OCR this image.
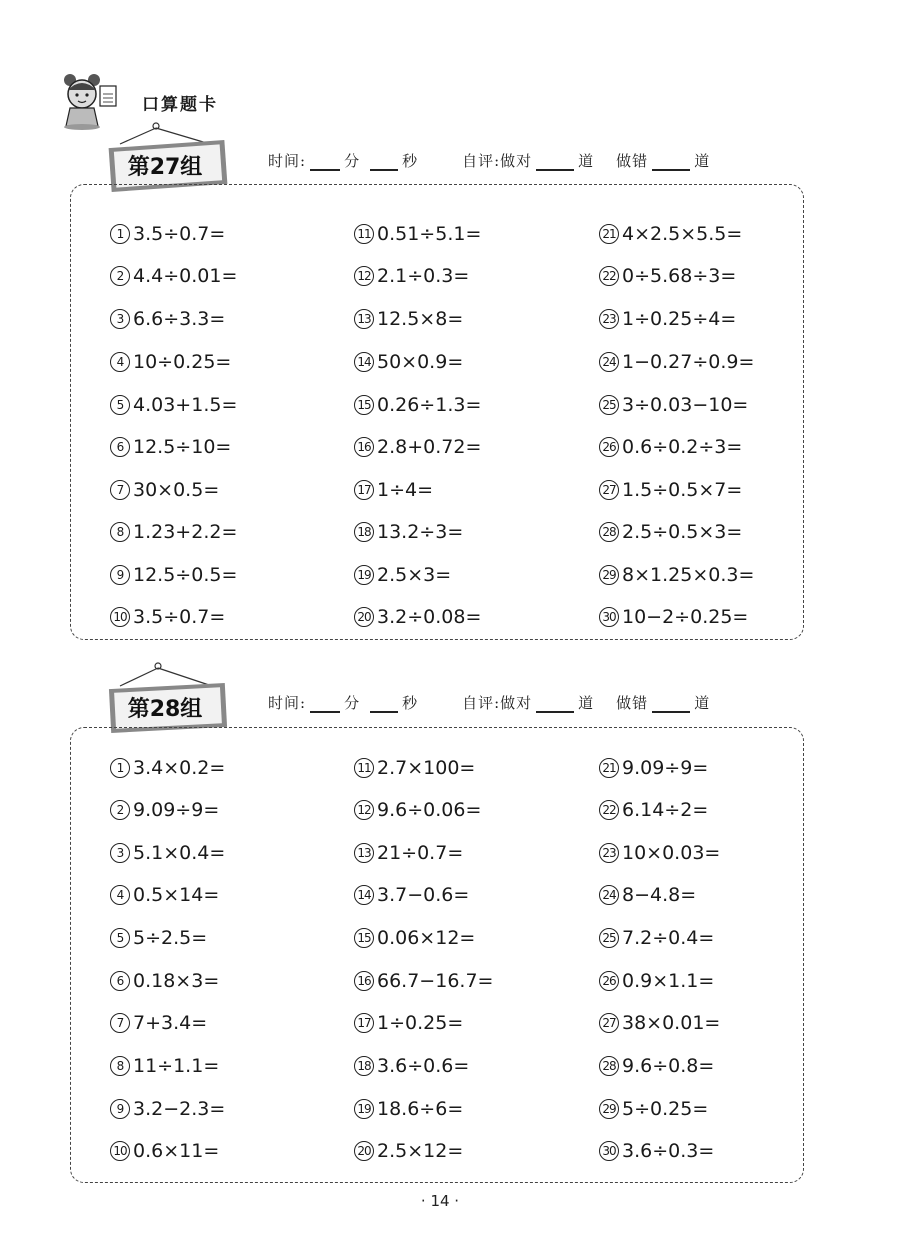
口算题卡
第27组	时间:	分	秒	自评:做对	道 做错	道
1 3.5÷0.7=
2 4.4÷0.01=
3 6.6÷3.3=
4 10÷0.25=
5 4.03+1.5=
6 12.5÷10=
7 30×0.5=
8 1.23+2.2=
9 12.5÷0.5=
10 3.5÷0.7=
11 0.51÷5.1=
12 2.1÷0.3=
13 12.5×8=
14 50×0.9=
15 0.26÷1.3=
16 2.8+0.72=
17 1÷4=
18 13.2÷3=
19 2.5×3=
20 3.2÷0.08=
21 4×2.5×5.5=
22 0÷5.68÷3=
23 1÷0.25÷4=
24 1−0.27÷0.9=
25 3÷0.03−10=
26 0.6÷0.2÷3=
27 1.5÷0.5×7=
28 2.5÷0.5×3=
29 8×1.25×0.3=
30 10−2÷0.25=
第28组	时间:	分	秒	自评:做对	道 做错	道
1 3.4×0.2=
2 9.09÷9=
3 5.1×0.4=
4 0.5×14=
5 5÷2.5=
6 0.18×3=
7 7+3.4=
8 11÷1.1=
9 3.2−2.3=
10 0.6×11=
11 2.7×100=
12 9.6÷0.06=
13 21÷0.7=
14 3.7−0.6=
15 0.06×12=
16 66.7−16.7=
17 1÷0.25=
18 3.6÷0.6=
19 18.6÷6=
20 2.5×12=
21 9.09÷9=
22 6.14÷2=
23 10×0.03=
24 8−4.8=
25 7.2÷0.4=
26 0.9×1.1=
27 38×0.01=
28 9.6÷0.8=
29 5÷0.25=
30 3.6÷0.3=
· 14 ·
